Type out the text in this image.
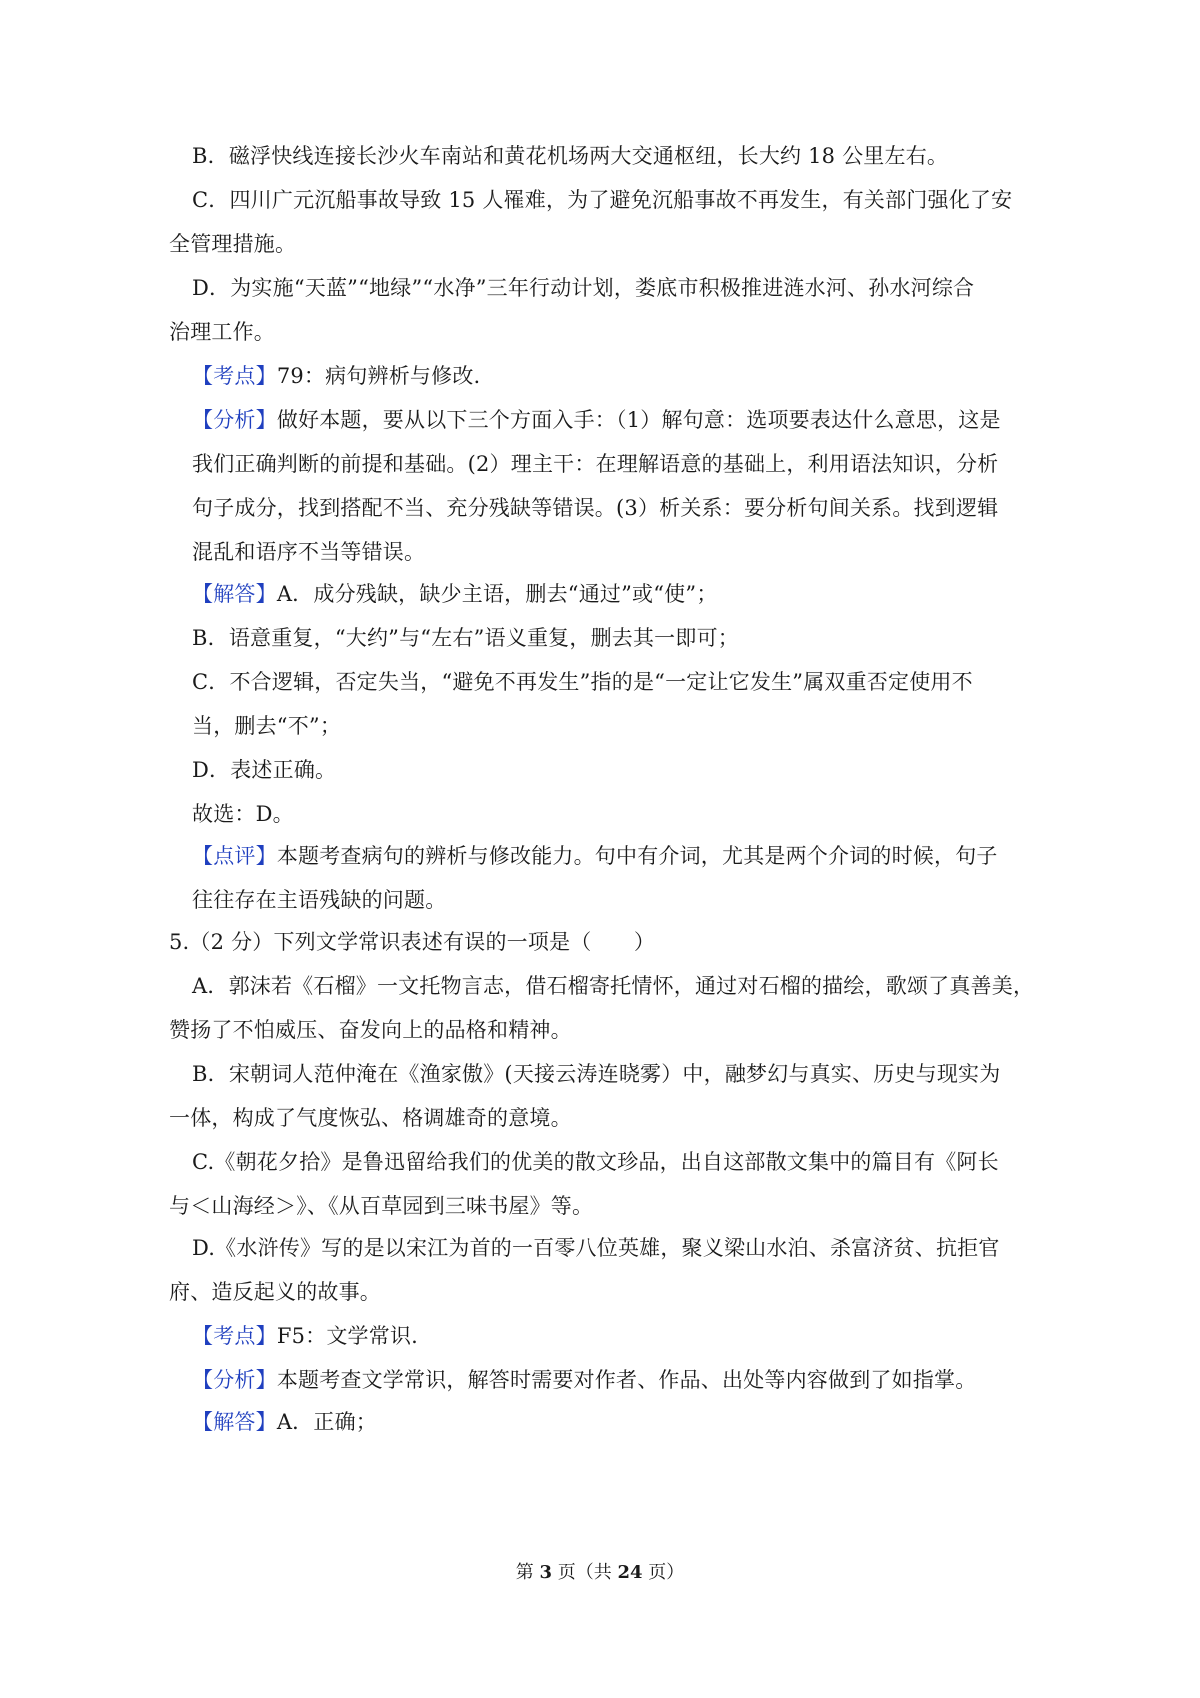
B．磁浮快线连接长沙火车南站和黄花机场两大交通枢纽，长大约 18 公里左右。
C．四川广元沉船事故导致 15 人罹难，为了避免沉船事故不再发生，有关部门强化了安
全管理措施。
D．为实施“天蓝”“地绿”“水净”三年行动计划，娄底市积极推进涟水河、孙水河综合
治理工作。
【考点】79：病句辨析与修改.
【分析】做好本题，要从以下三个方面入手：（1）解句意：选项要表达什么意思，这是
我们正确判断的前提和基础。(2）理主干：在理解语意的基础上，利用语法知识，分析
句子成分，找到搭配不当、充分残缺等错误。(3）析关系：要分析句间关系。找到逻辑
混乱和语序不当等错误。
【解答】A．成分残缺，缺少主语，删去“通过”或“使”；
B．语意重复，“大约”与“左右”语义重复，删去其一即可；
C．不合逻辑，否定失当，“避免不再发生”指的是“一定让它发生”属双重否定使用不
当，删去“不”；
D．表述正确。
故选：D。
【点评】本题考查病句的辨析与修改能力。句中有介词，尤其是两个介词的时候，句子
往往存在主语残缺的问题。
5.（2 分）下列文学常识表述有误的一项是（　　）
A．郭沫若《石榴》一文托物言志，借石榴寄托情怀，通过对石榴的描绘，歌颂了真善美，
赞扬了不怕威压、奋发向上的品格和精神。
B．宋朝词人范仲淹在《渔家傲》(天接云涛连晓雾）中，融梦幻与真实、历史与现实为
一体，构成了气度恢弘、格调雄奇的意境。
C.《朝花夕拾》是鲁迅留给我们的优美的散文珍品，出自这部散文集中的篇目有《阿长
与＜山海经＞》、《从百草园到三味书屋》等。
D.《水浒传》写的是以宋江为首的一百零八位英雄，聚义梁山水泊、杀富济贫、抗拒官
府、造反起义的故事。
【考点】F5：文学常识.
【分析】本题考查文学常识，解答时需要对作者、作品、出处等内容做到了如指掌。
【解答】A．正确；
第 3 页（共 24 页）
